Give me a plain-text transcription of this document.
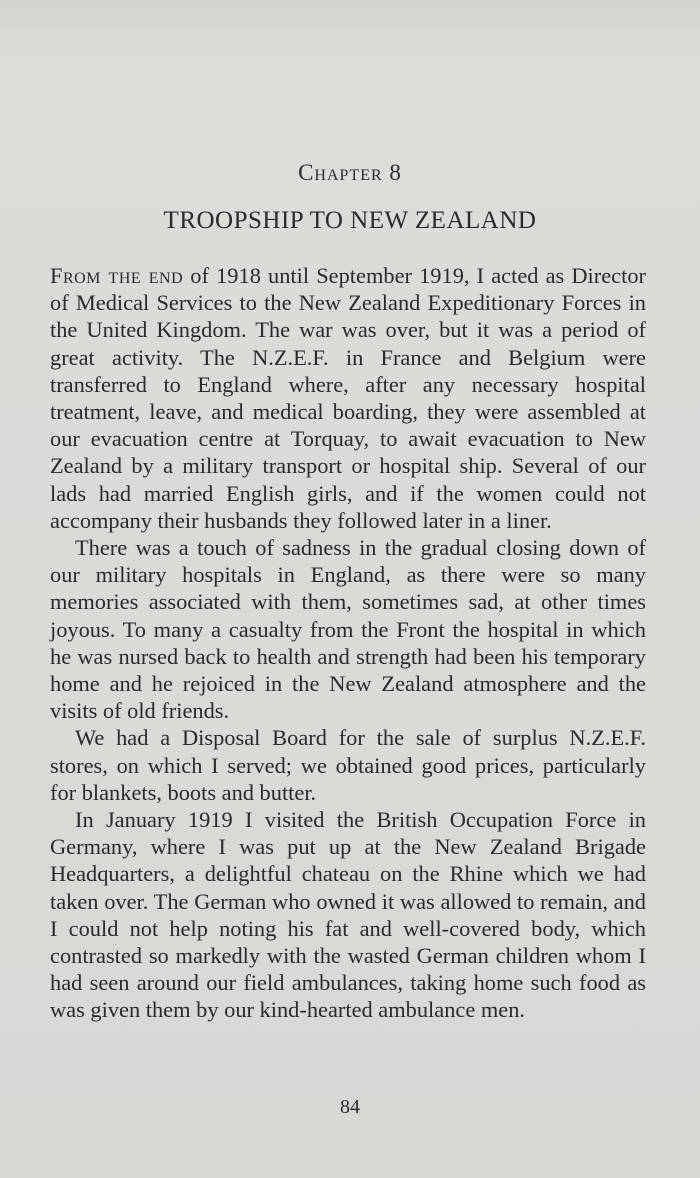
Chapter 8
TROOPSHIP TO NEW ZEALAND

From the end of 1918 until September 1919, I acted as Director of Medical Services to the New Zealand Expeditionary Forces in the United Kingdom. The war was over, but it was a period of great activity. The N.Z.E.F. in France and Belgium were transferred to England where, after any necessary hospital treatment, leave, and medical boarding, they were assembled at our evacuation centre at Torquay, to await evacuation to New Zealand by a military transport or hospital ship. Several of our lads had married English girls, and if the women could not accompany their husbands they followed later in a liner.

There was a touch of sadness in the gradual closing down of our military hospitals in England, as there were so many memories associated with them, sometimes sad, at other times joyous. To many a casualty from the Front the hospital in which he was nursed back to health and strength had been his temporary home and he rejoiced in the New Zealand atmosphere and the visits of old friends.

We had a Disposal Board for the sale of surplus N.Z.E.F. stores, on which I served; we obtained good prices, particularly for blankets, boots and butter.

In January 1919 I visited the British Occupation Force in Germany, where I was put up at the New Zealand Brigade Headquarters, a delightful chateau on the Rhine which we had taken over. The German who owned it was allowed to remain, and I could not help noting his fat and well-covered body, which contrasted so markedly with the wasted German children whom I had seen around our field ambulances, taking home such food as was given them by our kind-hearted ambulance men.

84
